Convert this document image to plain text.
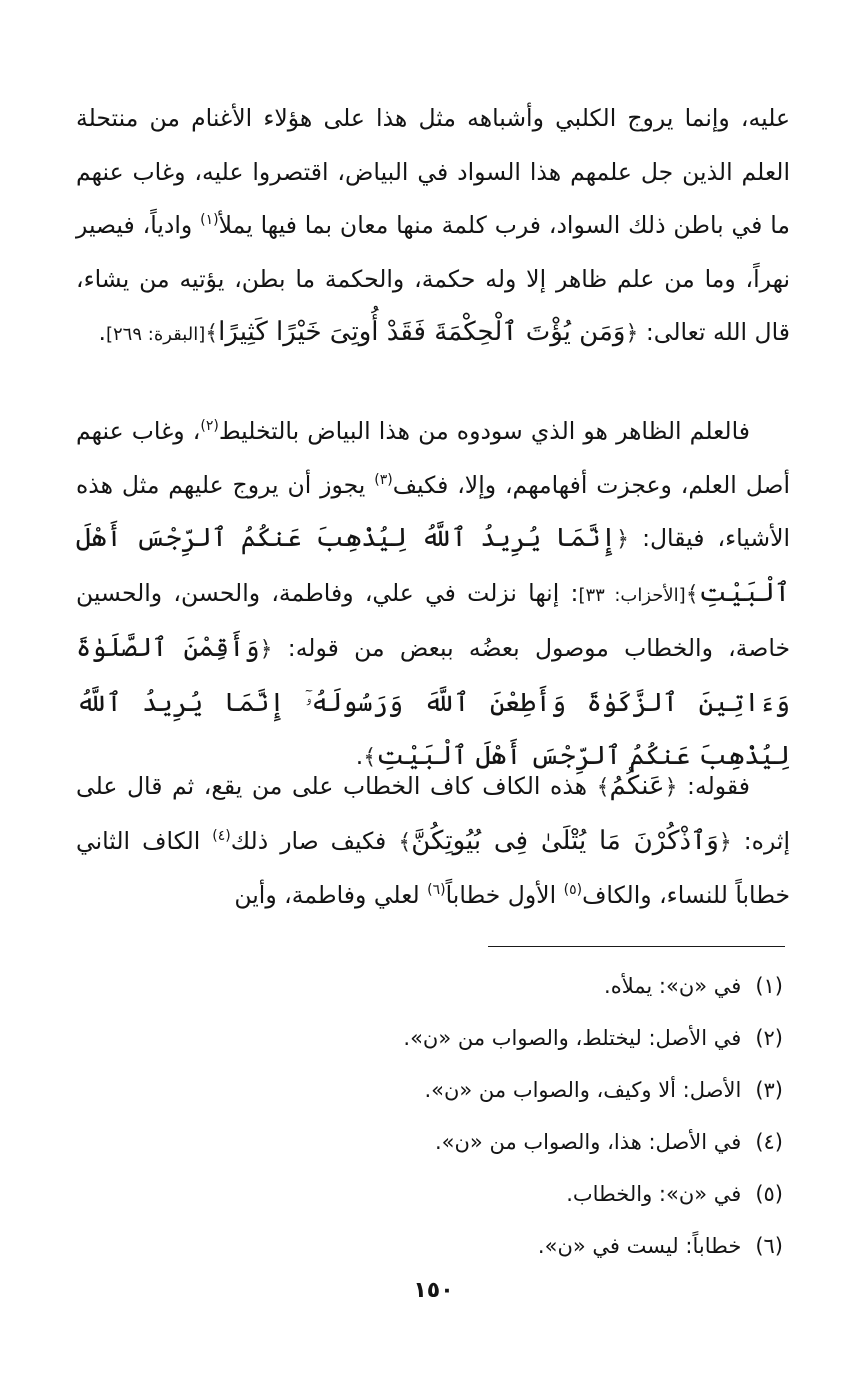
عليه، وإنما يروج الكلبي وأشباهه مثل هذا على هؤلاء الأغنام من منتحلة العلم الذين جل علمهم هذا السواد في البياض، اقتصروا عليه، وغاب عنهم ما في باطن ذلك السواد، فرب كلمة منها معان بما فيها يملأ$^{(١)}$ وادياً، فيصير نهراً، وما من علم ظاهر إلا وله حكمة، والحكمة ما بطن، يؤتيه من يشاء، قال الله تعالى: ﴿وَمَن يُؤْتَ ٱلْحِكْمَةَ فَقَدْ أُوتِىَ خَيْرًا كَثِيرًا﴾[البقرة: ٢٦٩].

فالعلم الظاهر هو الذي سودوه من هذا البياض بالتخليط$^{(٢)}$، وغاب عنهم أصل العلم، وعجزت أفهامهم، وإلا، فكيف$^{(٣)}$ يجوز أن يروج عليهم مثل هذه الأشياء، فيقال: ﴿إِنَّمَا يُرِيدُ ٱللَّهُ لِيُذْهِبَ عَنكُمُ ٱلرِّجْسَ أَهْلَ ٱلْبَيْتِ﴾[الأحزاب: ٣٣]: إنها نزلت في علي، وفاطمة، والحسن، والحسين خاصة، والخطاب موصول بعضُه ببعض من قوله: ﴿وَأَقِمْنَ ٱلصَّلَوٰةَ وَءَاتِينَ ٱلزَّكَوٰةَ وَأَطِعْنَ ٱللَّهَ وَرَسُولَهُۥٓ إِنَّمَا يُرِيدُ ٱللَّهُ لِيُذْهِبَ عَنكُمُ ٱلرِّجْسَ أَهْلَ ٱلْبَيْتِ﴾.

فقوله: ﴿عَنكُمُ﴾ هذه الكاف كاف الخطاب على من يقع، ثم قال على إثره: ﴿وَٱذْكُرْنَ مَا يُتْلَىٰ فِى بُيُوتِكُنَّ﴾ فكيف صار ذلك$^{(٤)}$ الكاف الثاني خطاباً للنساء، والكاف$^{(٥)}$ الأول خطاباً$^{(٦)}$ لعلي وفاطمة، وأين

(١)في «ن»: يملأه.
(٢)في الأصل: ليختلط، والصواب من «ن».
(٣)الأصل: ألا وكيف، والصواب من «ن».
(٤)في الأصل: هذا، والصواب من «ن».
(٥)في «ن»: والخطاب.
(٦)خطاباً: ليست في «ن».
١٥٠
